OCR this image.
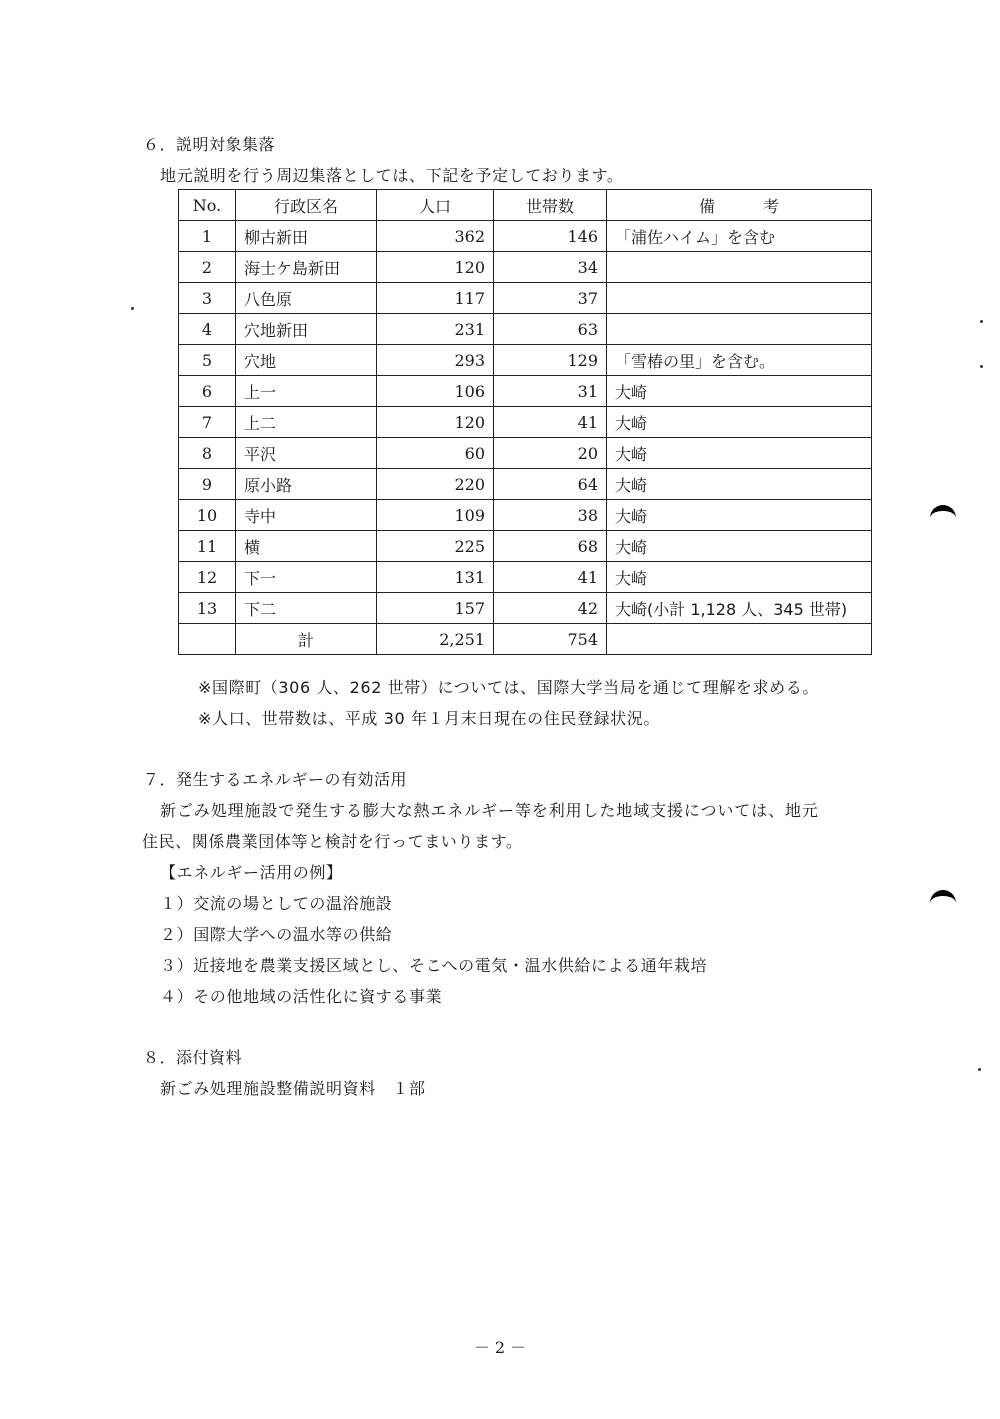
６．説明対象集落
地元説明を行う周辺集落としては、下記を予定しております。
No.	行政区名	人口	世帯数	備　　　考
1	柳古新田	362	146	「浦佐ハイム」を含む
2	海士ケ島新田	120	34	
3	八色原	117	37	
4	穴地新田	231	63	
5	穴地	293	129	「雪椿の里」を含む。
6	上一	106	31	大崎
7	上二	120	41	大崎
8	平沢	60	20	大崎
9	原小路	220	64	大崎
10	寺中	109	38	大崎
11	横	225	68	大崎
12	下一	131	41	大崎
13	下二	157	42	大崎(小計 1,128 人、345 世帯)
	計	2,251	754	
※国際町（306 人、262 世帯）については、国際大学当局を通じて理解を求める。
※人口、世帯数は、平成 30 年１月末日現在の住民登録状況。
７．発生するエネルギーの有効活用
新ごみ処理施設で発生する膨大な熱エネルギー等を利用した地域支援については、地元
住民、関係農業団体等と検討を行ってまいります。
【エネルギー活用の例】
１）交流の場としての温浴施設
２）国際大学への温水等の供給
３）近接地を農業支援区域とし、そこへの電気・温水供給による通年栽培
４）その他地域の活性化に資する事業
８．添付資料
新ごみ処理施設整備説明資料　１部
－ 2 －
